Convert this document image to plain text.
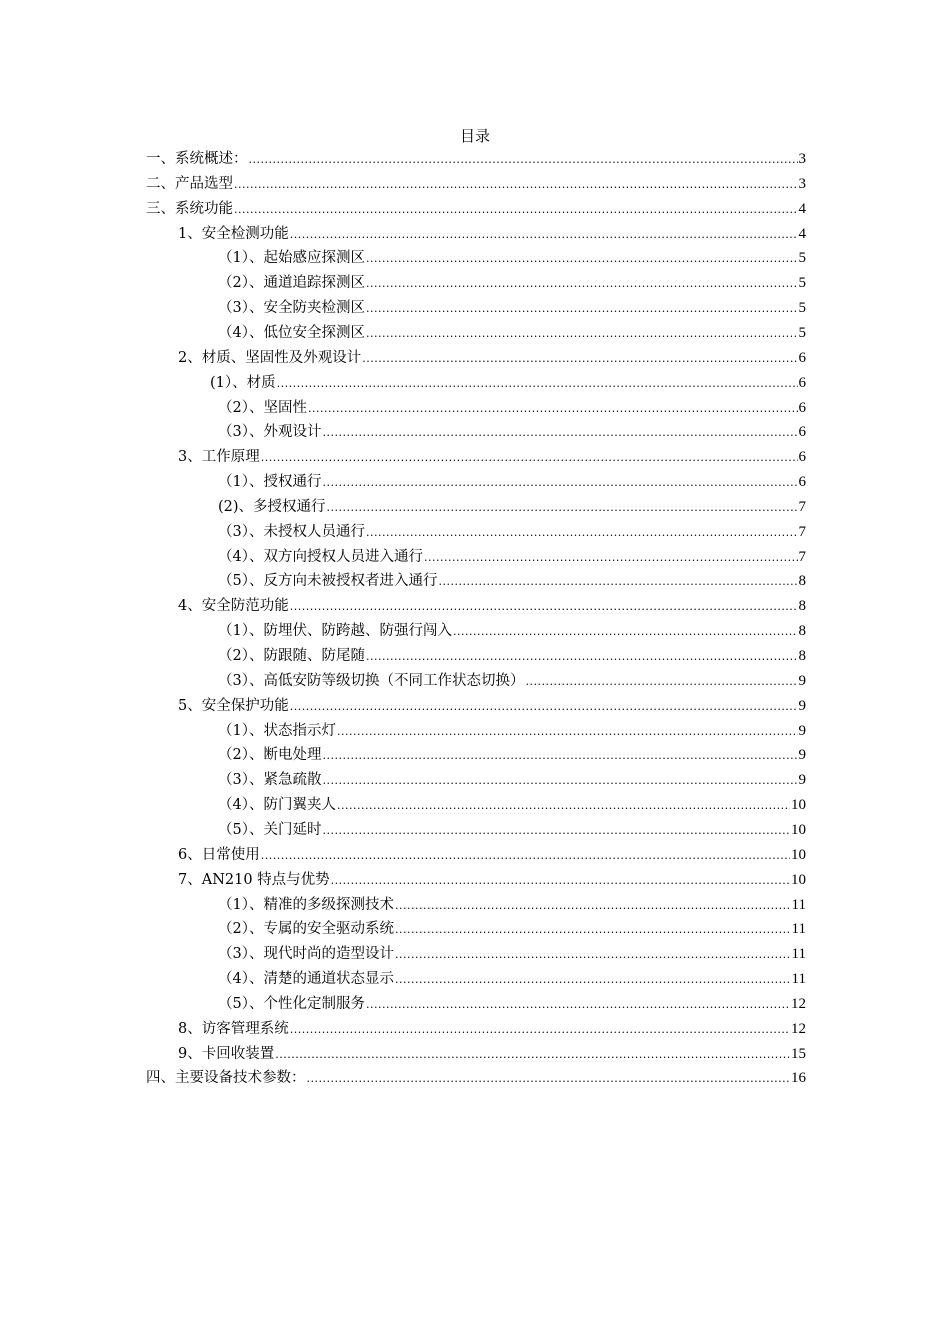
目录
一、系统概述： .....	3
二、产品选型 .....	3
三、系统功能 .....	4
1、安全检测功能 .....	4
（1）、起始感应探测区 .....	5
（2）、通道追踪探测区 .....	5
（3）、安全防夹检测区 .....	5
（4）、低位安全探测区 .....	5
2、材质、坚固性及外观设计 .....	6
(1）、材质 .....	6
（2）、坚固性 .....	6
（3）、外观设计 .....	6
3、工作原理 .....	6
（1）、授权通行 .....	6
(2)、多授权通行 .....	7
（3）、未授权人员通行 .....	7
（4）、双方向授权人员进入通行 .....	7
（5）、反方向未被授权者进入通行 .....	8
4、安全防范功能 .....	8
（1）、防埋伏、防跨越、防强行闯入 .....	8
（2）、防跟随、防尾随 .....	8
（3）、高低安防等级切换（不同工作状态切换） .....	9
5、安全保护功能 .....	9
（1）、状态指示灯 .....	9
（2）、断电处理 .....	9
（3）、紧急疏散 .....	9
（4）、防门翼夹人 .....	10
（5）、关门延时 .....	10
6、日常使用 .....	10
7、AN210 特点与优势 .....	10
（1）、精准的多级探测技术 .....	11
（2）、专属的安全驱动系统 .....	11
（3）、现代时尚的造型设计 .....	11
（4）、清楚的通道状态显示 .....	11
（5）、个性化定制服务 .....	12
8、访客管理系统 .....	12
9、卡回收装置 .....	15
四、主要设备技术参数： .....	16
